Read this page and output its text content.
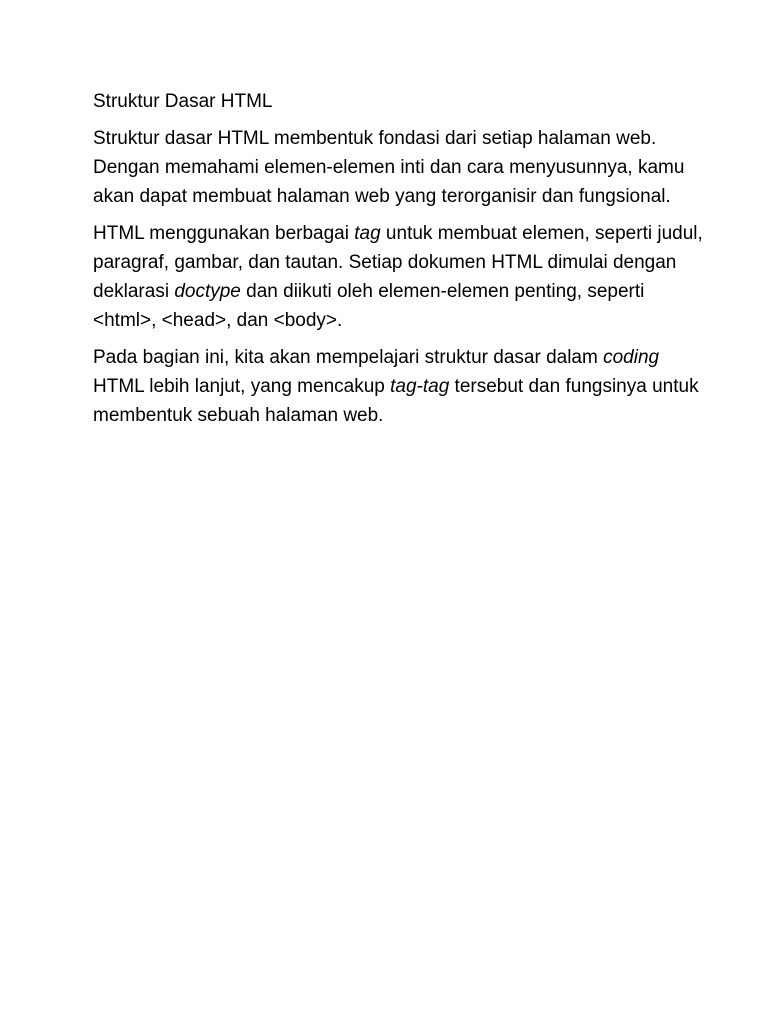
Struktur Dasar HTML

Struktur dasar HTML membentuk fondasi dari setiap halaman web. Dengan memahami elemen-elemen inti dan cara menyusunnya, kamu akan dapat membuat halaman web yang terorganisir dan fungsional.

HTML menggunakan berbagai tag untuk membuat elemen, seperti judul, paragraf, gambar, dan tautan. Setiap dokumen HTML dimulai dengan deklarasi doctype dan diikuti oleh elemen-elemen penting, seperti <html>, <head>, dan <body>.

Pada bagian ini, kita akan mempelajari struktur dasar dalam coding HTML lebih lanjut, yang mencakup tag-tag tersebut dan fungsinya untuk membentuk sebuah halaman web.
